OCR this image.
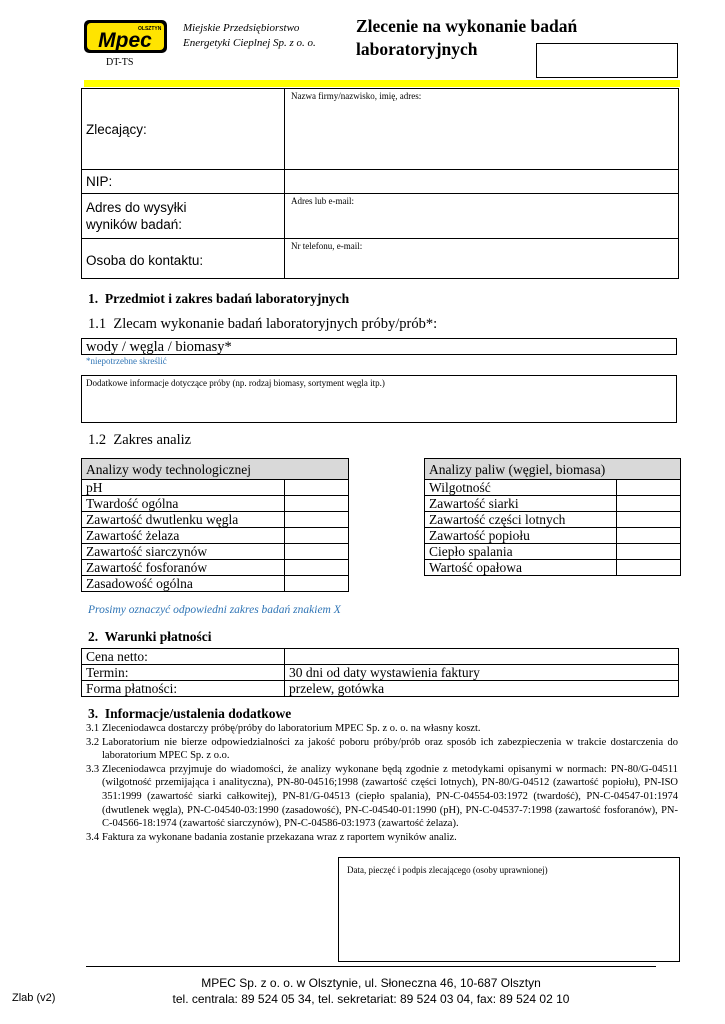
OLSZTYN
Mpec
Miejskie Przedsiębiorstwo
Energetyki Cieplnej Sp. z o. o.
Zlecenie na wykonanie badań
laboratoryjnych
DT-TS
Zlecający:	Nazwa firmy/nazwisko, imię, adres:

NIP:	

Adres do wysyłki
wyników badań:	Adres lub e-mail:

Osoba do kontaktu:	Nr telefonu, e-mail:
1. Przedmiot i zakres badań laboratoryjnych
1.1 Zlecam wykonanie badań laboratoryjnych próby/prób*:
wody / węgla / biomasy*
*niepotrzebne skreślić
Dodatkowe informacje dotyczące próby (np. rodzaj biomasy, sortyment węgla itp.)
1.2 Zakres analiz
Analizy wody technologicznej	
pH	
Twardość ogólna	
Zawartość dwutlenku węgla	
Zawartość żelaza	
Zawartość siarczynów	
Zawartość fosforanów	
Zasadowość ogólna	
Analizy paliw (węgiel, biomasa)	
Wilgotność	
Zawartość siarki	
Zawartość części lotnych	
Zawartość popiołu	
Ciepło spalania	
Wartość opałowa	
Prosimy oznaczyć odpowiedni zakres badań znakiem X
2. Warunki płatności
Cena netto:	
Termin:	30 dni od daty wystawienia faktury
Forma płatności:	przelew, gotówka
3. Informacje/ustalenia dodatkowe
3.1 Zleceniodawca dostarczy próbę/próby do laboratorium MPEC Sp. z o. o. na własny koszt.
3.2 Laboratorium nie bierze odpowiedzialności za jakość poboru próby/prób oraz sposób ich zabezpieczenia w trakcie dostarczenia do laboratorium MPEC Sp. z o.o.
3.3 Zleceniodawca przyjmuje do wiadomości, że analizy wykonane będą zgodnie z metodykami opisanymi w normach: PN-80/G-04511 (wilgotność przemijająca i analityczna), PN-80-04516;1998 (zawartość części lotnych), PN-80/G-04512 (zawartość popiołu), PN-ISO 351:1999 (zawartość siarki całkowitej), PN-81/G-04513 (ciepło spalania), PN-C-04554-03:1972 (twardość), PN-C-04547-01:1974 (dwutlenek węgla), PN-C-04540-03:1990 (zasadowość), PN-C-04540-01:1990 (pH), PN-C-04537-7:1998 (zawartość fosforanów), PN-C-04566-18:1974 (zawartość siarczynów), PN-C-04586-03:1973 (zawartość żelaza).
3.4 Faktura za wykonane badania zostanie przekazana wraz z raportem wyników analiz.
Data, pieczęć i podpis zlecającego (osoby uprawnionej)
MPEC Sp. z o. o. w Olsztynie, ul. Słoneczna 46, 10-687 Olsztyn
tel. centrala: 89 524 05 34, tel. sekretariat: 89 524 03 04, fax: 89 524 02 10
Zlab (v2)
